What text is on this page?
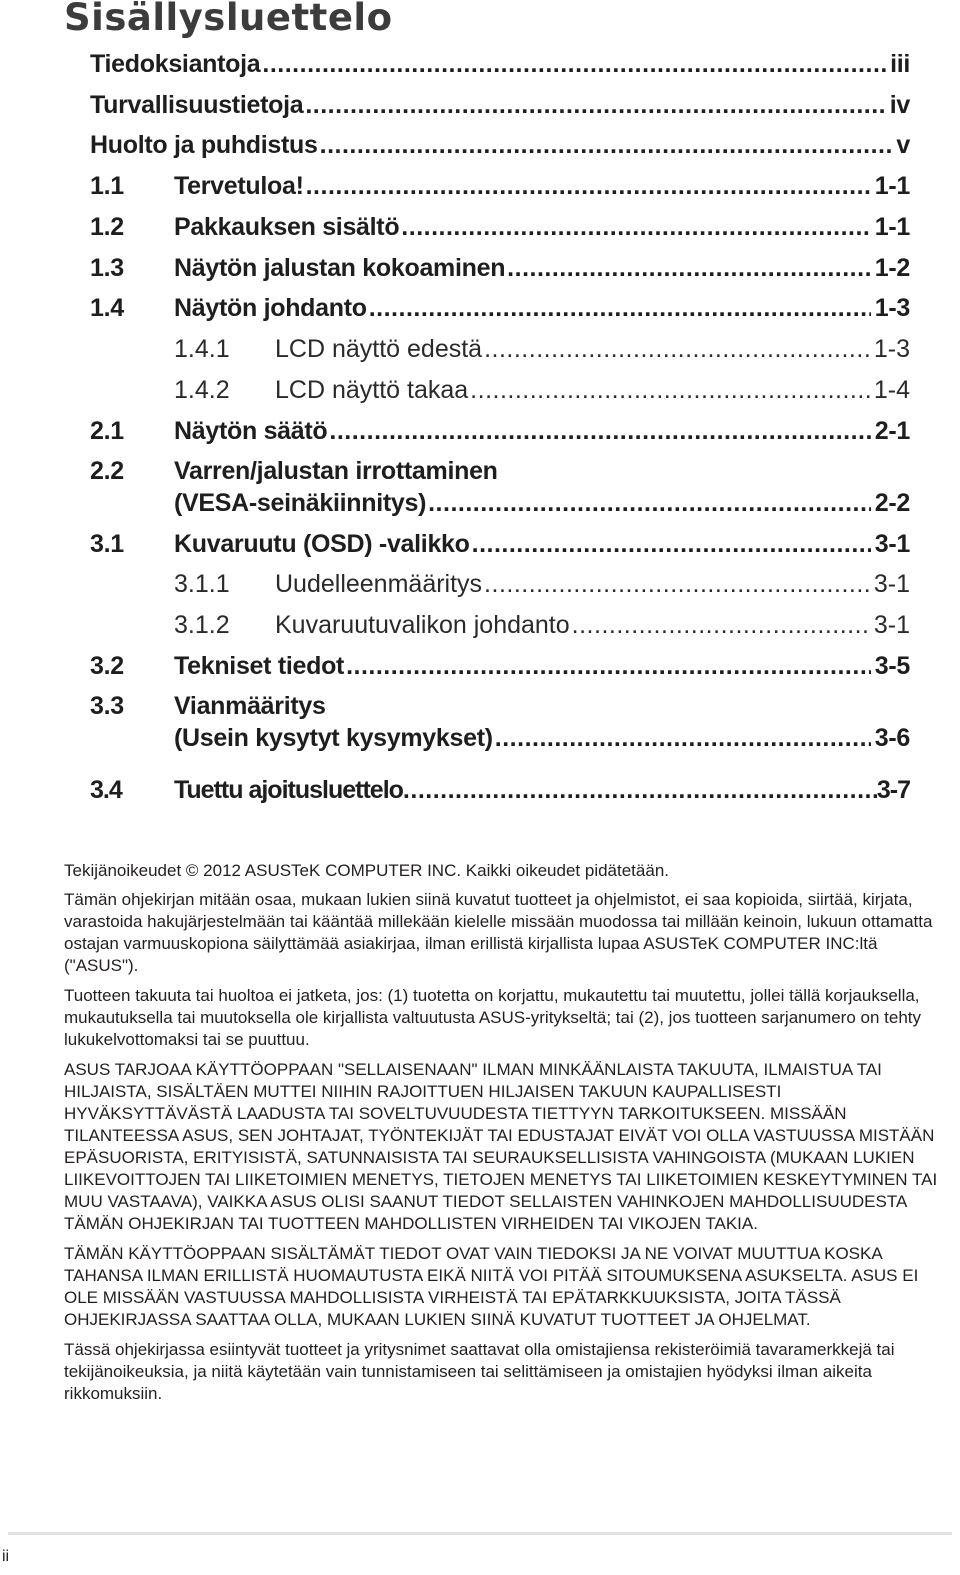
Sisällysluettelo
Tiedoksiantoja .....	iii
Turvallisuustietoja .....	iv
Huolto ja puhdistus .....	v
1.1	Tervetuloa! .....	1-1
1.2	Pakkauksen sisältö .....	1-1
1.3	Näytön jalustan kokoaminen .....	1-2
1.4	Näytön johdanto .....	1-3
1.4.1	LCD näyttö edestä .....	1-3
1.4.2	LCD näyttö takaa .....	1-4
2.1	Näytön säätö .....	2-1
2.2	Varren/jalustan irrottaminen
(VESA-seinäkiinnitys) .....	2-2
3.1	Kuvaruutu (OSD) -valikko .....	3-1
3.1.1	Uudelleenmääritys .....	3-1
3.1.2	Kuvaruutuvalikon johdanto .....	3-1
3.2	Tekniset tiedot .....	3-5
3.3	Vianmääritys
(Usein kysytyt kysymykset) .....	3-6
3.4	Tuettu ajoitusluettelo .....	3-7

Tekijänoikeudet © 2012 ASUSTeK COMPUTER INC. Kaikki oikeudet pidätetään.

Tämän ohjekirjan mitään osaa, mukaan lukien siinä kuvatut tuotteet ja ohjelmistot, ei saa kopioida, siirtää, kirjata, varastoida hakujärjestelmään tai kääntää millekään kielelle missään muodossa tai millään keinoin, lukuun ottamatta ostajan varmuuskopiona säilyttämää asiakirjaa, ilman erillistä kirjallista lupaa ASUSTeK COMPUTER INC:ltä ("ASUS").

Tuotteen takuuta tai huoltoa ei jatketa, jos: (1) tuotetta on korjattu, mukautettu tai muutettu, jollei tällä korjauksella, mukautuksella tai muutoksella ole kirjallista valtuutusta ASUS-yritykseltä; tai (2), jos tuotteen sarjanumero on tehty lukukelvottomaksi tai se puuttuu.

ASUS TARJOAA KÄYTTÖOPPAAN "SELLAISENAAN" ILMAN MINKÄÄNLAISTA TAKUUTA, ILMAISTUA TAI HILJAISTA, SISÄLTÄEN MUTTEI NIIHIN RAJOITTUEN HILJAISEN TAKUUN KAUPALLISESTI HYVÄKSYTTÄVÄSTÄ LAADUSTA TAI SOVELTUVUUDESTA TIETTYYN TARKOITUKSEEN. MISSÄÄN TILANTEESSA ASUS, SEN JOHTAJAT, TYÖNTEKIJÄT TAI EDUSTAJAT EIVÄT VOI OLLA VASTUUSSA MISTÄÄN EPÄSUORISTA, ERITYISISTÄ, SATUNNAISISTA TAI SEURAUKSELLISISTA VAHINGOISTA (MUKAAN LUKIEN LIIKEVOITTOJEN TAI LIIKETOIMIEN MENETYS, TIETOJEN MENETYS TAI LIIKETOIMIEN KESKEYTYMINEN TAI MUU VASTAAVA), VAIKKA ASUS OLISI SAANUT TIEDOT SELLAISTEN VAHINKOJEN MAHDOLLISUUDESTA TÄMÄN OHJEKIRJAN TAI TUOTTEEN MAHDOLLISTEN VIRHEIDEN TAI VIKOJEN TAKIA.

TÄMÄN KÄYTTÖOPPAAN SISÄLTÄMÄT TIEDOT OVAT VAIN TIEDOKSI JA NE VOIVAT MUUTTUA KOSKA TAHANSA ILMAN ERILLISTÄ HUOMAUTUSTA EIKÄ NIITÄ VOI PITÄÄ SITOUMUKSENA ASUKSELTA. ASUS EI OLE MISSÄÄN VASTUUSSA MAHDOLLISISTA VIRHEISTÄ TAI EPÄTARKKUUKSISTA, JOITA TÄSSÄ OHJEKIRJASSA SAATTAA OLLA, MUKAAN LUKIEN SIINÄ KUVATUT TUOTTEET JA OHJELMAT.

Tässä ohjekirjassa esiintyvät tuotteet ja yritysnimet saattavat olla omistajiensa rekisteröimiä tavaramerkkejä tai tekijänoikeuksia, ja niitä käytetään vain tunnistamiseen tai selittämiseen ja omistajien hyödyksi ilman aikeita rikkomuksiin.

ii
